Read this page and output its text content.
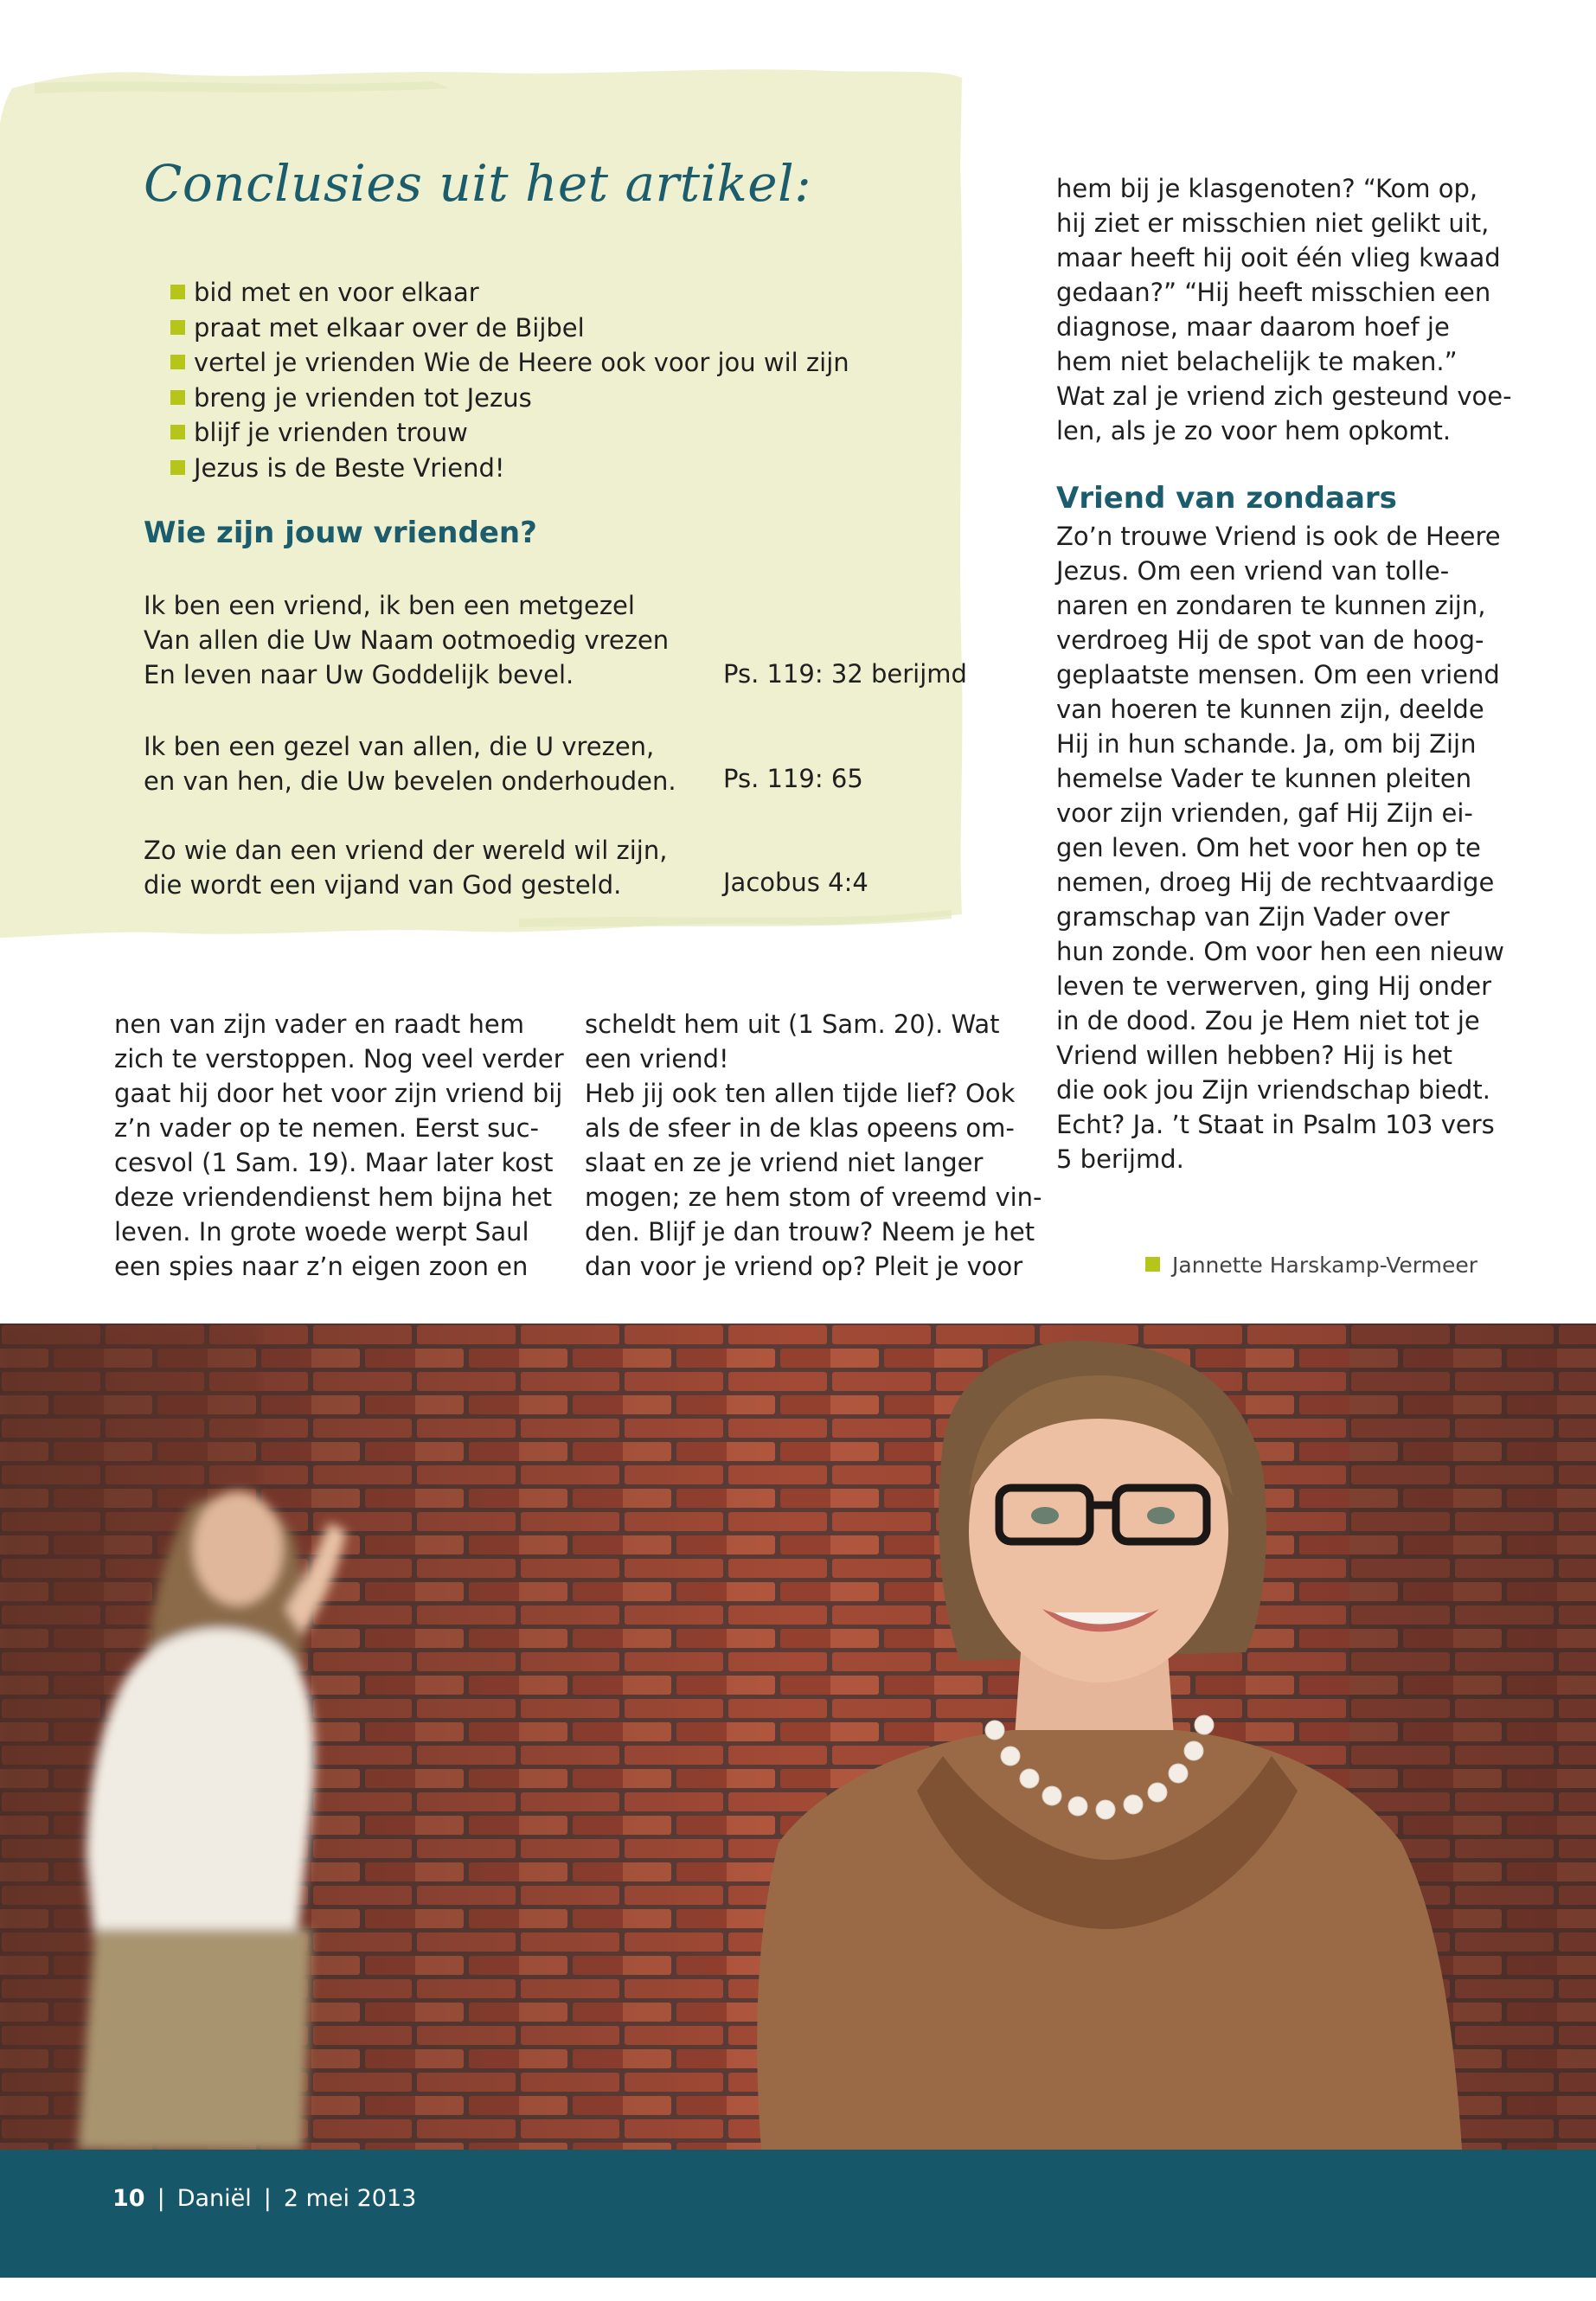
Conclusies uit het artikel:
bid met en voor elkaar
praat met elkaar over de Bijbel
vertel je vrienden Wie de Heere ook voor jou wil zijn
breng je vrienden tot Jezus
blijf je vrienden trouw
Jezus is de Beste Vriend!
Wie zijn jouw vrienden?
Ik ben een vriend, ik ben een metgezel
Van allen die Uw Naam ootmoedig vrezen
En leven naar Uw Goddelijk bevel.	Ps. 119: 32 berijmd
Ik ben een gezel van allen, die U vrezen,
en van hen, die Uw bevelen onderhouden. Ps. 119: 65
Zo wie dan een vriend der wereld wil zijn,
die wordt een vijand van God gesteld.	Jacobus 4:4
nen van zijn vader en raadt hem
zich te verstoppen. Nog veel verder
gaat hij door het voor zijn vriend bij
z’n vader op te nemen. Eerst suc-
cesvol (1 Sam. 19). Maar later kost
deze vriendendienst hem bijna het
leven. In grote woede werpt Saul
een spies naar z’n eigen zoon en
scheldt hem uit (1 Sam. 20). Wat
een vriend!
Heb jij ook ten allen tijde lief? Ook
als de sfeer in de klas opeens om-
slaat en ze je vriend niet langer
mogen; ze hem stom of vreemd vin-
den. Blijf je dan trouw? Neem je het
dan voor je vriend op? Pleit je voor
hem bij je klasgenoten? “Kom op,
hij ziet er misschien niet gelikt uit,
maar heeft hij ooit één vlieg kwaad
gedaan?” “Hij heeft misschien een
diagnose, maar daarom hoef je
hem niet belachelijk te maken.”
Wat zal je vriend zich gesteund voe-
len, als je zo voor hem opkomt.
Vriend van zondaars
Zo’n trouwe Vriend is ook de Heere
Jezus. Om een vriend van tolle-
naren en zondaren te kunnen zijn,
verdroeg Hij de spot van de hoog-
geplaatste mensen. Om een vriend
van hoeren te kunnen zijn, deelde
Hij in hun schande. Ja, om bij Zijn
hemelse Vader te kunnen pleiten
voor zijn vrienden, gaf Hij Zijn ei-
gen leven. Om het voor hen op te
nemen, droeg Hij de rechtvaardige
gramschap van Zijn Vader over
hun zonde. Om voor hen een nieuw
leven te verwerven, ging Hij onder
in de dood. Zou je Hem niet tot je
Vriend willen hebben? Hij is het
die ook jou Zijn vriendschap biedt.
Echt? Ja. ’t Staat in Psalm 103 vers
5 berijmd.
Jannette Harskamp-Vermeer
10 | Daniël | 2 mei 2013
